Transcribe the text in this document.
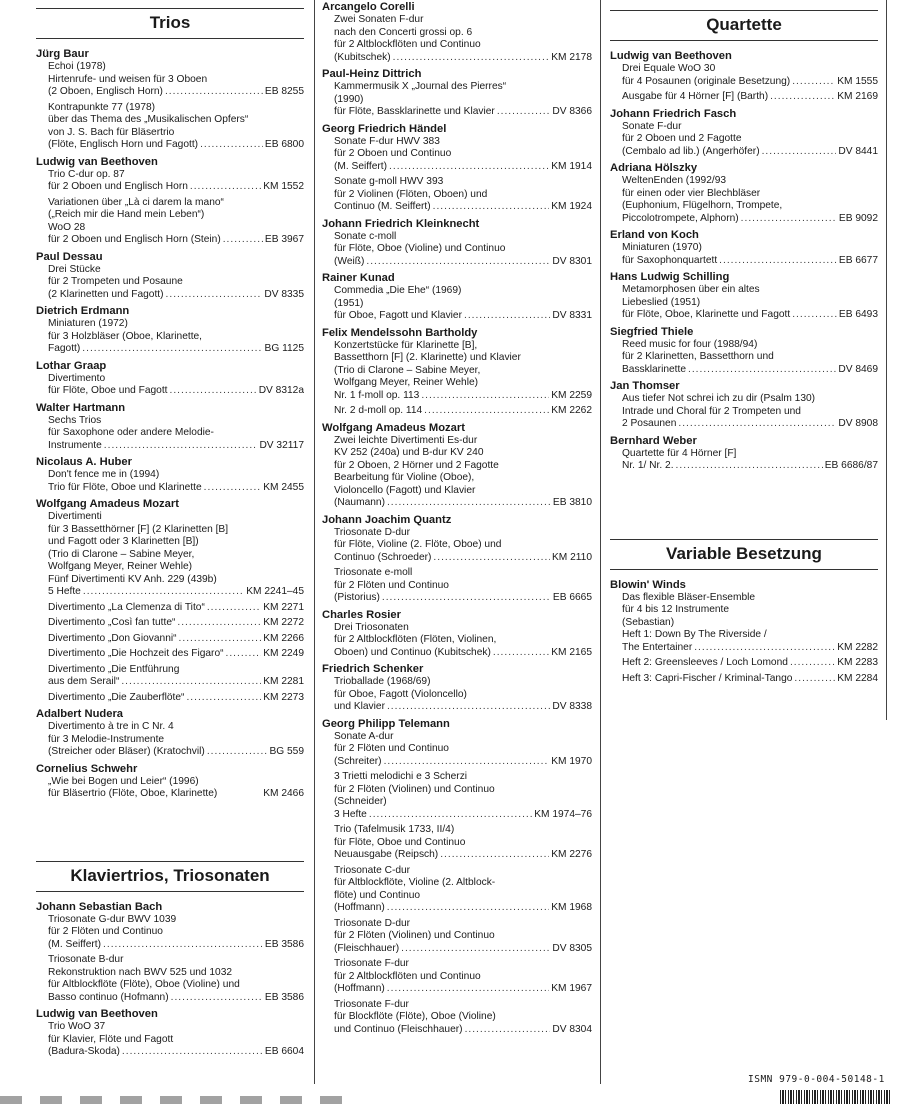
Trios
Jürg Baur
Echoi (1978)
Hirtenrufe- und weisen für 3 Oboen
(2 Oboen, Englisch Horn) .....	EB 8255
Kontrapunkte 77 (1978)
über das Thema des „Musikalischen Opfers“
von J. S. Bach für Bläsertrio
(Flöte, Englisch Horn und Fagott) .....	EB 6800
Ludwig van Beethoven
Trio C-dur op. 87
für 2 Oboen und Englisch Horn .....	KM 1552
Variationen über „Là ci darem la mano“
(„Reich mir die Hand mein Leben“)
WoO 28
für 2 Oboen und Englisch Horn (Stein) .....	EB 3967
Paul Dessau
Drei Stücke
für 2 Trompeten und Posaune
(2 Klarinetten und Fagott) .....	DV 8335
Dietrich Erdmann
Miniaturen (1972)
für 3 Holzbläser (Oboe, Klarinette,
Fagott) .....	BG 1125
Lothar Graap
Divertimento
für Flöte, Oboe und Fagott .....	DV 8312a
Walter Hartmann
Sechs Trios
für Saxophone oder andere Melodie-
Instrumente .....	DV 32117
Nicolaus A. Huber
Don't fence me in (1994)
Trio für Flöte, Oboe und Klarinette .....	KM 2455
Wolfgang Amadeus Mozart
Divertimenti
für 3 Bassetthörner [F] (2 Klarinetten [B]
und Fagott oder 3 Klarinetten [B])
(Trio di Clarone – Sabine Meyer,
Wolfgang Meyer, Reiner Wehle)
Fünf Divertimenti KV Anh. 229 (439b)
5 Hefte .....	KM 2241–45
Divertimento „La Clemenza di Tito“ .....	KM 2271
Divertimento „Così fan tutte“ .....	KM 2272
Divertimento „Don Giovanni“ .....	KM 2266
Divertimento „Die Hochzeit des Figaro“ .....	KM 2249
Divertimento „Die Entführung
aus dem Serail“ .....	KM 2281
Divertimento „Die Zauberflöte“ .....	KM 2273
Adalbert Nudera
Divertimento à tre in C Nr. 4
für 3 Melodie-Instrumente
(Streicher oder Bläser) (Kratochvil) .....	BG 559
Cornelius Schwehr
„Wie bei Bogen und Leier“ (1996)
für Bläsertrio (Flöte, Oboe, Klarinette)	KM 2466
Klaviertrios, Triosonaten
Johann Sebastian Bach
Triosonate G-dur BWV 1039
für 2 Flöten und Continuo
(M. Seiffert) .....	EB 3586
Triosonate B-dur
Rekonstruktion nach BWV 525 und 1032
für Altblockflöte (Flöte), Oboe (Violine) und
Basso continuo (Hofmann) .....	EB 3586
Ludwig van Beethoven
Trio WoO 37
für Klavier, Flöte und Fagott
(Badura-Skoda) .....	EB 6604
Arcangelo Corelli
Zwei Sonaten F-dur
nach den Concerti grossi op. 6
für 2 Altblockflöten und Continuo
(Kubitschek) .....	KM 2178
Paul-Heinz Dittrich
Kammermusik X „Journal des Pierres“
(1990)
für Flöte, Bassklarinette und Klavier .....	DV 8366
Georg Friedrich Händel
Sonate F-dur HWV 383
für 2 Oboen und Continuo
(M. Seiffert) .....	KM 1914
Sonate g-moll HWV 393
für 2 Violinen (Flöten, Oboen) und
Continuo (M. Seiffert) .....	KM 1924
Johann Friedrich Kleinknecht
Sonate c-moll
für Flöte, Oboe (Violine) und Continuo
(Weiß) .....	DV 8301
Rainer Kunad
Commedia „Die Ehe“ (1969)
(1951)
für Oboe, Fagott und Klavier .....	DV 8331
Felix Mendelssohn Bartholdy
Konzertstücke für Klarinette [B],
Bassetthorn [F] (2. Klarinette) und Klavier
(Trio di Clarone – Sabine Meyer,
Wolfgang Meyer, Reiner Wehle)
Nr. 1 f-moll op. 113 .....	KM 2259
Nr. 2 d-moll op. 114 .....	KM 2262
Wolfgang Amadeus Mozart
Zwei leichte Divertimenti Es-dur
KV 252 (240a) und B-dur KV 240
für 2 Oboen, 2 Hörner und 2 Fagotte
Bearbeitung für Violine (Oboe),
Violoncello (Fagott) und Klavier
(Naumann) .....	EB 3810
Johann Joachim Quantz
Triosonate D-dur
für Flöte, Violine (2. Flöte, Oboe) und
Continuo (Schroeder) .....	KM 2110
Triosonate e-moll
für 2 Flöten und Continuo
(Pistorius) .....	EB 6665
Charles Rosier
Drei Triosonaten
für 2 Altblockflöten (Flöten, Violinen,
Oboen) und Continuo (Kubitschek) .....	KM 2165
Friedrich Schenker
Trioballade (1968/69)
für Oboe, Fagott (Violoncello)
und Klavier .....	DV 8338
Georg Philipp Telemann
Sonate A-dur
für 2 Flöten und Continuo
(Schreiter) .....	KM 1970
3 Trietti melodichi e 3 Scherzi
für 2 Flöten (Violinen) und Continuo
(Schneider)
3 Hefte .....	KM 1974–76
Trio (Tafelmusik 1733, II/4)
für Flöte, Oboe und Continuo
Neuausgabe (Reipsch) .....	KM 2276
Triosonate C-dur
für Altblockflöte, Violine (2. Altblock-
flöte) und Continuo
(Hoffmann) .....	KM 1968
Triosonate D-dur
für 2 Flöten (Violinen) und Continuo
(Fleischhauer) .....	DV 8305
Triosonate F-dur
für 2 Altblockflöten und Continuo
(Hoffmann) .....	KM 1967
Triosonate F-dur
für Blockflöte (Flöte), Oboe (Violine)
und Continuo (Fleischhauer) .....	DV 8304
Quartette
Ludwig van Beethoven
Drei Equale WoO 30
für 4 Posaunen (originale Besetzung) .....	KM 1555
Ausgabe für 4 Hörner [F] (Barth) .....	KM 2169
Johann Friedrich Fasch
Sonate F-dur
für 2 Oboen und 2 Fagotte
(Cembalo ad lib.) (Angerhöfer) .....	DV 8441
Adriana Hölszky
WeltenEnden (1992/93
für einen oder vier Blechbläser
(Euphonium, Flügelhorn, Trompete,
Piccolotrompete, Alphorn) .....	EB 9092
Erland von Koch
Miniaturen (1970)
für Saxophonquartett .....	EB 6677
Hans Ludwig Schilling
Metamorphosen über ein altes
Liebeslied (1951)
für Flöte, Oboe, Klarinette und Fagott .....	EB 6493
Siegfried Thiele
Reed music for four (1988/94)
für 2 Klarinetten, Bassetthorn und
Bassklarinette .....	DV 8469
Jan Thomser
Aus tiefer Not schrei ich zu dir (Psalm 130)
Intrade und Choral für 2 Trompeten und
2 Posaunen .....	DV 8908
Bernhard Weber
Quartette für 4 Hörner [F]
Nr. 1/ Nr. 2. .....	EB 6686/87
Variable Besetzung
Blowin' Winds
Das flexible Bläser-Ensemble
für 4 bis 12 Instrumente
(Sebastian)
Heft 1: Down By The Riverside /
The Entertainer .....	KM 2282
Heft 2: Greensleeves / Loch Lomond .....	KM 2283
Heft 3: Capri-Fischer / Kriminal-Tango .....	KM 2284
ISMN 979-0-004-50148-1
